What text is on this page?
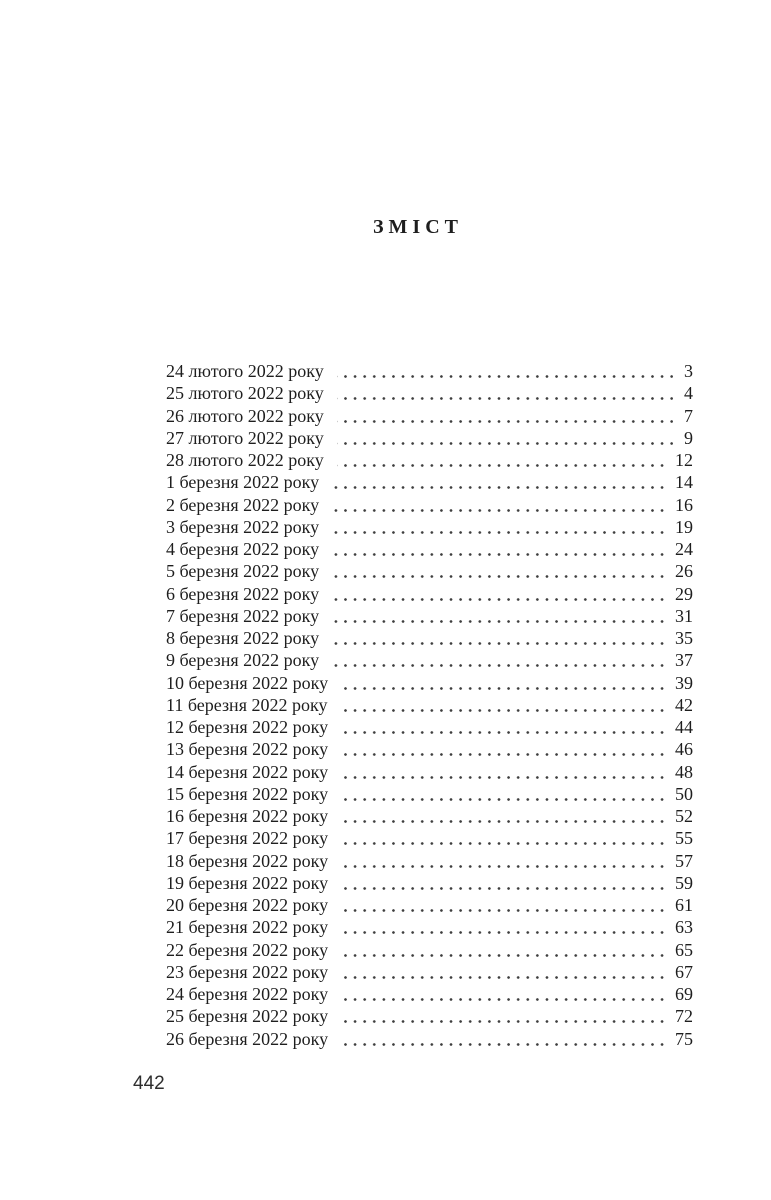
ЗМІСТ
24 лютого 2022 року	3
25 лютого 2022 року	4
26 лютого 2022 року	7
27 лютого 2022 року	9
28 лютого 2022 року	12
1 березня 2022 року	14
2 березня 2022 року	16
3 березня 2022 року	19
4 березня 2022 року	24
5 березня 2022 року	26
6 березня 2022 року	29
7 березня 2022 року	31
8 березня 2022 року	35
9 березня 2022 року	37
10 березня 2022 року	39
11 березня 2022 року	42
12 березня 2022 року	44
13 березня 2022 року	46
14 березня 2022 року	48
15 березня 2022 року	50
16 березня 2022 року	52
17 березня 2022 року	55
18 березня 2022 року	57
19 березня 2022 року	59
20 березня 2022 року	61
21 березня 2022 року	63
22 березня 2022 року	65
23 березня 2022 року	67
24 березня 2022 року	69
25 березня 2022 року	72
26 березня 2022 року	75
442
